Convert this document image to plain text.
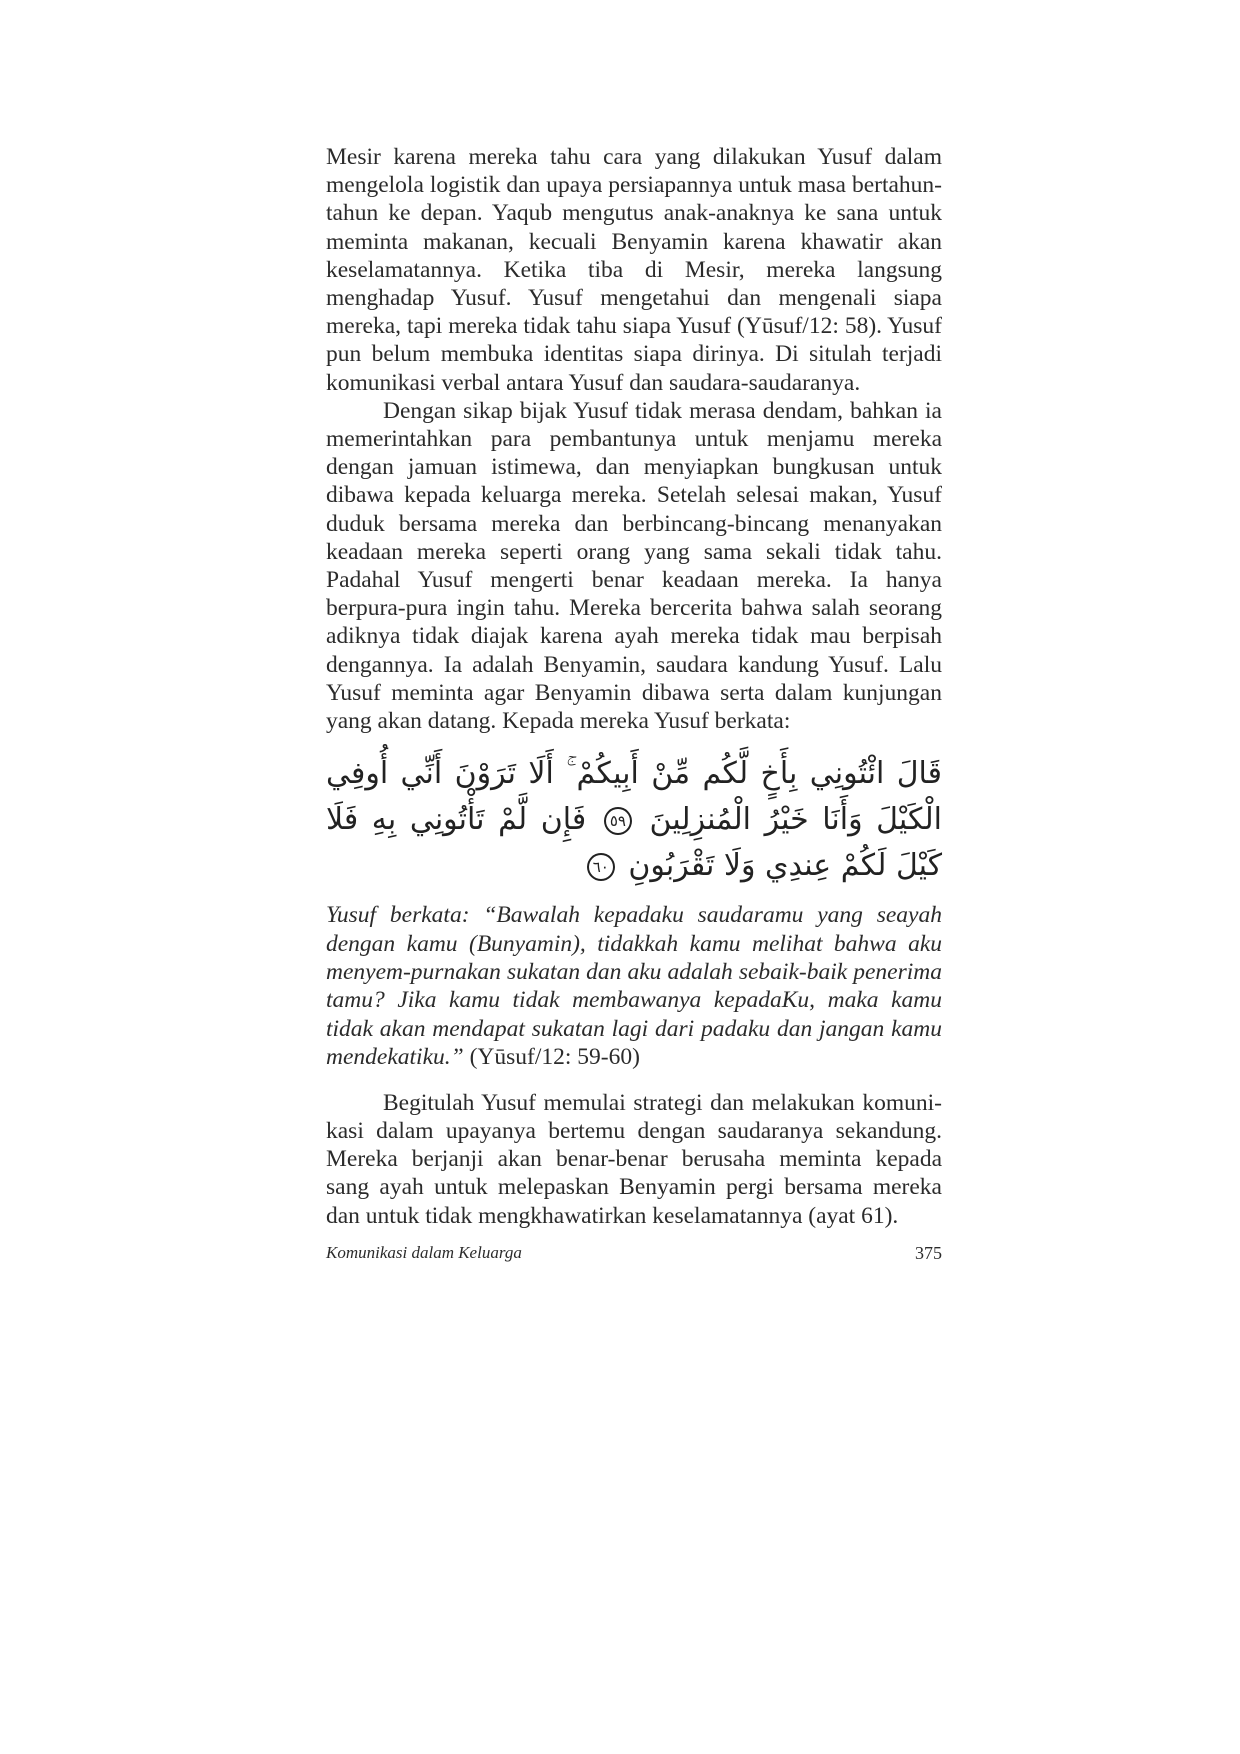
Mesir karena mereka tahu cara yang dilakukan Yusuf dalam mengelola logistik dan upaya persiapannya untuk masa bertahun-tahun ke depan. Yaqub mengutus anak-anaknya ke sana untuk meminta makanan, kecuali Benyamin karena khawatir akan keselamatannya. Ketika tiba di Mesir, mereka langsung menghadap Yusuf. Yusuf mengetahui dan mengenali siapa mereka, tapi mereka tidak tahu siapa Yusuf (Yūsuf/12: 58). Yusuf pun belum membuka identitas siapa dirinya. Di situlah terjadi komunikasi verbal antara Yusuf dan saudara-saudaranya.

Dengan sikap bijak Yusuf tidak merasa dendam, bahkan ia memerintahkan para pembantunya untuk menjamu mereka dengan jamuan istimewa, dan menyiapkan bungkusan untuk dibawa kepada keluarga mereka. Setelah selesai makan, Yusuf duduk bersama mereka dan berbincang-bincang menanyakan keadaan mereka seperti orang yang sama sekali tidak tahu. Padahal Yusuf mengerti benar keadaan mereka. Ia hanya berpura-pura ingin tahu. Mereka bercerita bahwa salah seorang adiknya tidak diajak karena ayah mereka tidak mau berpisah dengannya. Ia adalah Benyamin, saudara kandung Yusuf. Lalu Yusuf meminta agar Benyamin dibawa serta dalam kunjungan yang akan datang. Kepada mereka Yusuf berkata:

قَالَ ائْتُونِي بِأَخٍ لَّكُم مِّنْ أَبِيكُمْ ۚ أَلَا تَرَوْنَ أَنِّي أُوفِي الْكَيْلَ وَأَنَا خَيْرُ الْمُنزِلِينَ ٥٩ فَإِن لَّمْ تَأْتُونِي بِهِ فَلَا كَيْلَ لَكُمْ عِندِي وَلَا تَقْرَبُونِ ٦٠

Yusuf berkata: “Bawalah kepadaku saudaramu yang seayah dengan kamu (Bunyamin), tidakkah kamu melihat bahwa aku menyem-purnakan sukatan dan aku adalah sebaik-baik penerima tamu? Jika kamu tidak membawanya kepadaKu, maka kamu tidak akan mendapat sukatan lagi dari padaku dan jangan kamu mendekatiku.” (Yūsuf/12: 59-60)

Begitulah Yusuf memulai strategi dan melakukan komuni-kasi dalam upayanya bertemu dengan saudaranya sekandung. Mereka berjanji akan benar-benar berusaha meminta kepada sang ayah untuk melepaskan Benyamin pergi bersama mereka dan untuk tidak mengkhawatirkan keselamatannya (ayat 61).

Komunikasi dalam Keluarga	375
